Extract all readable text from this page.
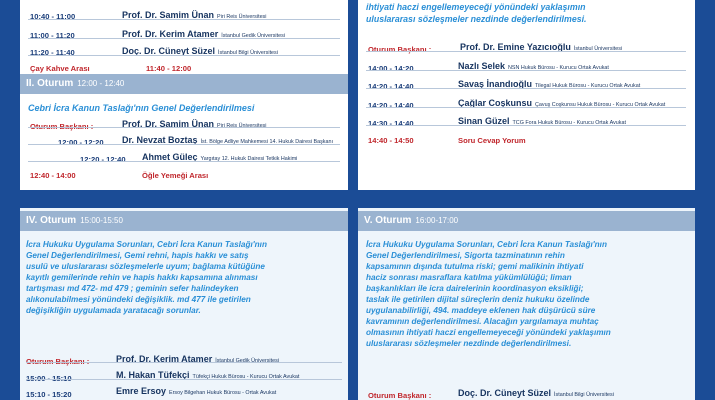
10:40 - 11:00	Prof. Dr. Samim Ünan Piri Reis Üniversitesi
11:00 - 11:20	Prof. Dr. Kerim Atamer İstanbul Gedik Üniversitesi
11:20 - 11:40	Doç. Dr. Cüneyt Süzel İstanbul Bilgi Üniversitesi
Çay Kahve Arası	11:40 - 12:00
II. Oturum 12:00 - 12:40
Cebri İcra Kanun Taslağı'nın Genel Değerlendirilmesi
Oturum Başkanı :	Prof. Dr. Samim Ünan Piri Reis Üniversitesi
12:00 - 12:20 Dr. Nevzat Boztaş İst. Bölge Adliye Mahkemesi 14. Hukuk Dairesi Başkanı
12:20 - 12:40 Ahmet Güleç Yargıtay 12. Hukuk Dairesi Tetkik Hakimi
12:40 - 14:00	Öğle Yemeği Arası
ihtiyati haczi engellemeyeceği yönündeki yaklaşımın
uluslararası sözleşmeler nezdinde değerlendirilmesi.
Oturum Başkanı :	Prof. Dr. Emine Yazıcıoğlu İstanbul Üniversitesi
14:00 - 14:20	Nazlı Selek NSN Hukuk Bürosu - Kurucu Ortak Avukat
14:20 - 14:40	Savaş İnandıoğlu Tilegal Hukuk Bürosu - Kurucu Ortak Avukat
14:20 - 14:40	Çağlar Coşkunsu Çavuş Coşkunsu Hukuk Bürosu - Kurucu Ortak Avukat
14:30 - 14:40	Sinan Güzel TCG Fora Hukuk Bürosu - Kurucu Ortak Avukat
14:40 - 14:50	Soru Cevap Yorum
IV. Oturum 15:00-15:50
İcra Hukuku Uygulama Sorunları, Cebri İcra Kanun Taslağı'nın
Genel Değerlendirilmesi, Gemi rehni, hapis hakkı ve satış
usulü ve uluslararası sözleşmelerle uyum; bağlama kütüğüne
kayıtlı gemilerinde rehin ve hapis hakkı kapsamına alınması
tartışması md 472- md 479 ; geminin sefer halindeyken
alıkonulabilmesi yönündeki değişiklik. md 477 ile getirilen
değişikliğin uygulamada yaratacağı sorunlar.
Oturum Başkanı :	Prof. Dr. Kerim Atamer İstanbul Gedik Üniversitesi
15:00 - 15:10	M. Hakan Tüfekçi Tüfekçi Hukuk Bürosu - Kurucu Ortak Avukat
15:10 - 15:20	Emre Ersoy Ersoy Bilgehan Hukuk Bürosu - Ortak Avukat
V. Oturum 16:00-17:00
İcra Hukuku Uygulama Sorunları, Cebri İcra Kanun Taslağı'nın
Genel Değerlendirilmesi, Sigorta tazminatının rehin
kapsamının dışında tutulma riski; gemi malikinin ihtiyati
haciz sonrası masraflara katılma yükümlülüğü; liman
başkanlıkları ile icra dairelerinin koordinasyon eksikliği;
taslak ile getirilen dijital süreçlerin deniz hukuku özelinde
uygulanabilirliği, 494. maddeye eklenen hak düşürücü süre
kavramının değerlendirilmesi. Alacağın yargılamaya muhtaç
olmasının ihtiyati haczi engellemeyeceği yönündeki yaklaşımın
uluslararası sözleşmeler nezdinde değerlendirilmesi.
Oturum Başkanı :	Doç. Dr. Cüneyt Süzel İstanbul Bilgi Üniversitesi
